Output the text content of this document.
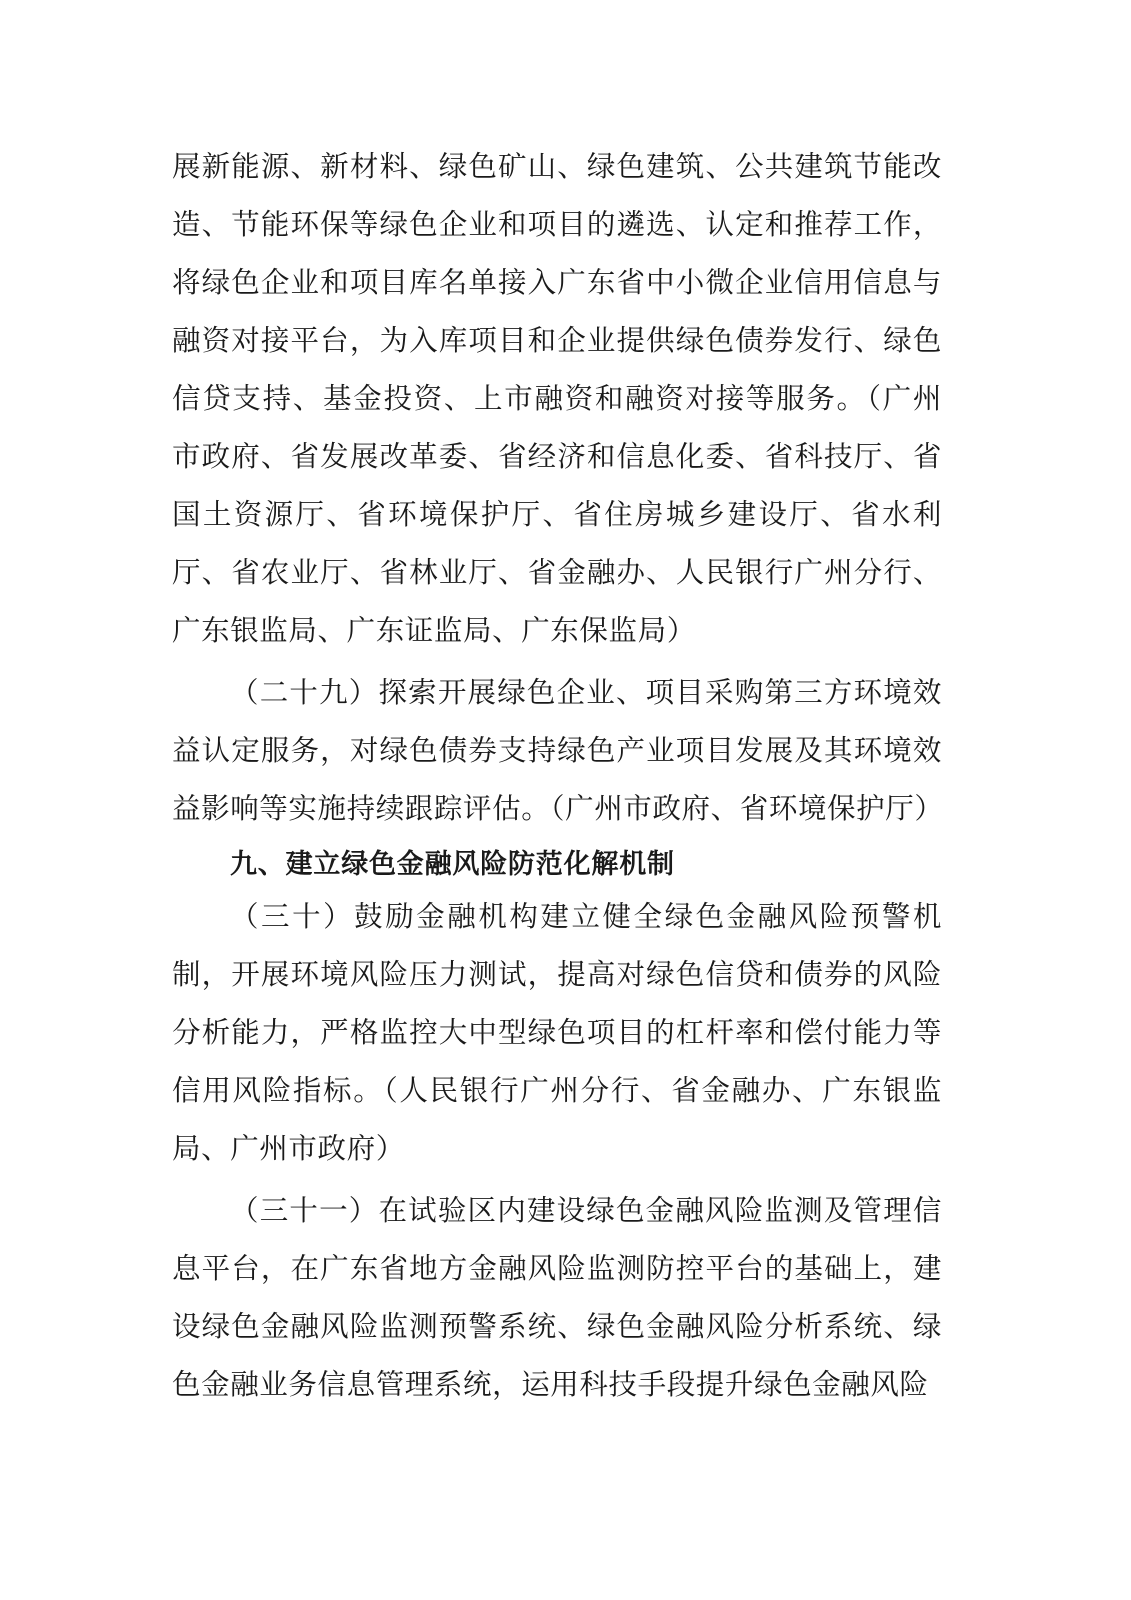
展新能源、新材料、绿色矿山、绿色建筑、公共建筑节能改造、节能环保等绿色企业和项目的遴选、认定和推荐工作，将绿色企业和项目库名单接入广东省中小微企业信用信息与融资对接平台，为入库项目和企业提供绿色债券发行、绿色信贷支持、基金投资、上市融资和融资对接等服务。（广州市政府、省发展改革委、省经济和信息化委、省科技厅、省国土资源厅、省环境保护厅、省住房城乡建设厅、省水利厅、省农业厅、省林业厅、省金融办、人民银行广州分行、广东银监局、广东证监局、广东保监局）

（二十九）探索开展绿色企业、项目采购第三方环境效益认定服务，对绿色债券支持绿色产业项目发展及其环境效益影响等实施持续跟踪评估。（广州市政府、省环境保护厅）

九、建立绿色金融风险防范化解机制

（三十）鼓励金融机构建立健全绿色金融风险预警机制，开展环境风险压力测试，提高对绿色信贷和债券的风险分析能力，严格监控大中型绿色项目的杠杆率和偿付能力等信用风险指标。（人民银行广州分行、省金融办、广东银监局、广州市政府）

（三十一）在试验区内建设绿色金融风险监测及管理信息平台，在广东省地方金融风险监测防控平台的基础上，建设绿色金融风险监测预警系统、绿色金融风险分析系统、绿色金融业务信息管理系统，运用科技手段提升绿色金融风险
